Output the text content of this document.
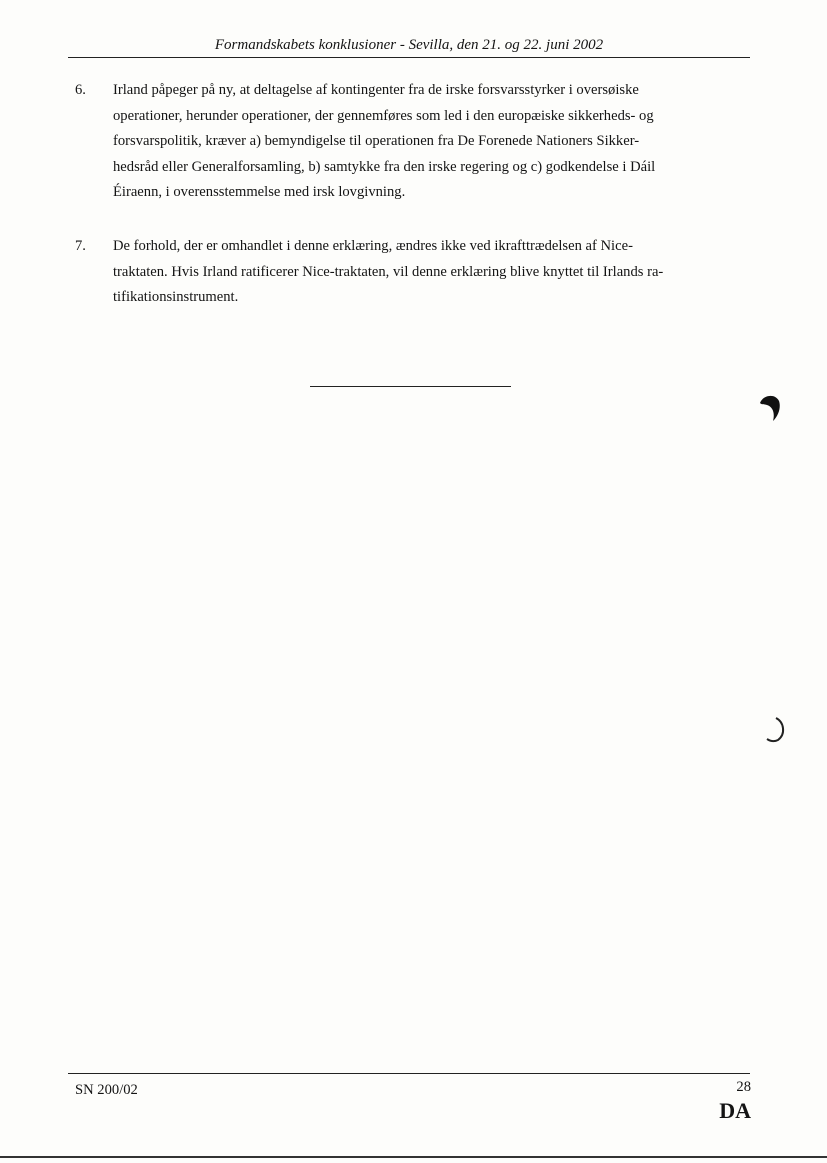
Formandskabets konklusioner - Sevilla, den 21. og 22. juni 2002
6.	Irland påpeger på ny, at deltagelse af kontingenter fra de irske forsvarsstyrker i oversøiske
operationer, herunder operationer, der gennemføres som led i den europæiske sikkerheds- og
forsvarspolitik, kræver a) bemyndigelse til operationen fra De Forenede Nationers Sikker-
hedsråd eller Generalforsamling, b) samtykke fra den irske regering og c) godkendelse i Dáil
Éiraenn, i overensstemmelse med irsk lovgivning.
7.	De forhold, der er omhandlet i denne erklæring, ændres ikke ved ikrafttrædelsen af Nice-
traktaten. Hvis Irland ratificerer Nice-traktaten, vil denne erklæring blive knyttet til Irlands ra-
tifikationsinstrument.
SN 200/02	28
DA
